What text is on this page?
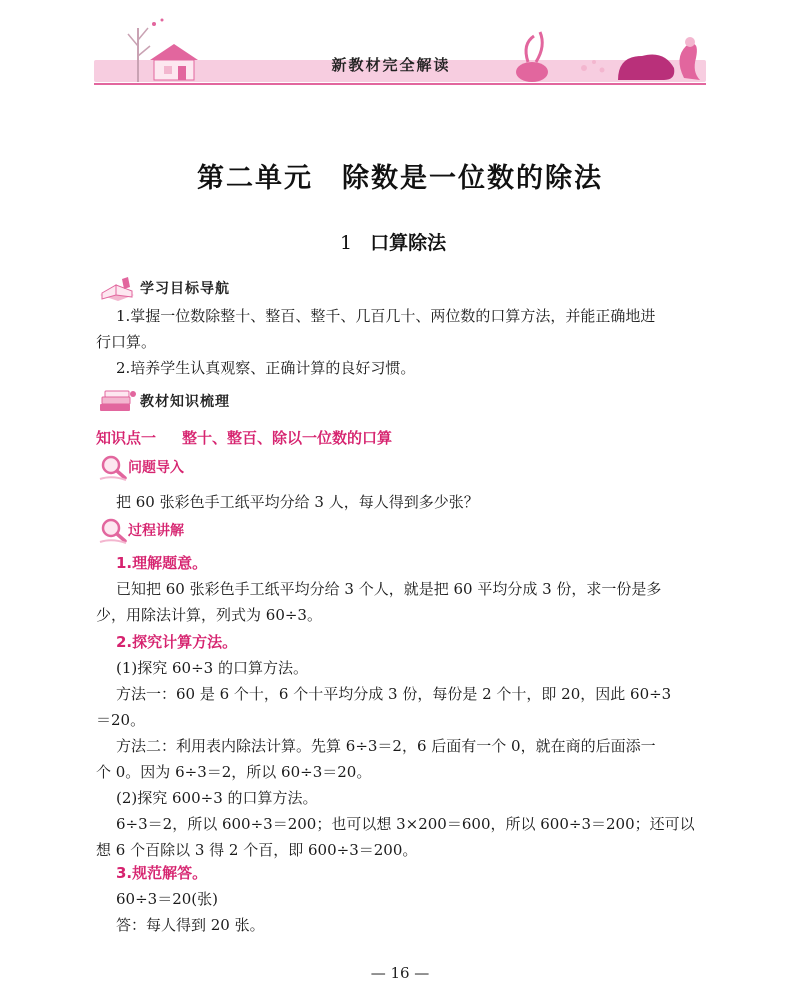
新教材完全解读
第二单元　除数是一位数的除法
1 口算除法
学习目标导航
1.掌握一位数除整十、整百、整千、几百几十、两位数的口算方法，并能正确地进
行口算。
2.培养学生认真观察、正确计算的良好习惯。
教材知识梳理
知识点一 整十、整百、除以一位数的口算
问题导入
把 60 张彩色手工纸平均分给 3 人，每人得到多少张？
过程讲解
1.理解题意。
已知把 60 张彩色手工纸平均分给 3 个人，就是把 60 平均分成 3 份，求一份是多
少，用除法计算，列式为 60÷3。
2.探究计算方法。
(1)探究 60÷3 的口算方法。
方法一：60 是 6 个十，6 个十平均分成 3 份，每份是 2 个十，即 20，因此 60÷3
＝20。
方法二：利用表内除法计算。先算 6÷3＝2，6 后面有一个 0，就在商的后面添一
个 0。因为 6÷3＝2，所以 60÷3＝20。
(2)探究 600÷3 的口算方法。
6÷3＝2，所以 600÷3＝200；也可以想 3×200＝600，所以 600÷3＝200；还可以
想 6 个百除以 3 得 2 个百，即 600÷3＝200。
3.规范解答。
60÷3＝20(张)
答：每人得到 20 张。
— 16 —
